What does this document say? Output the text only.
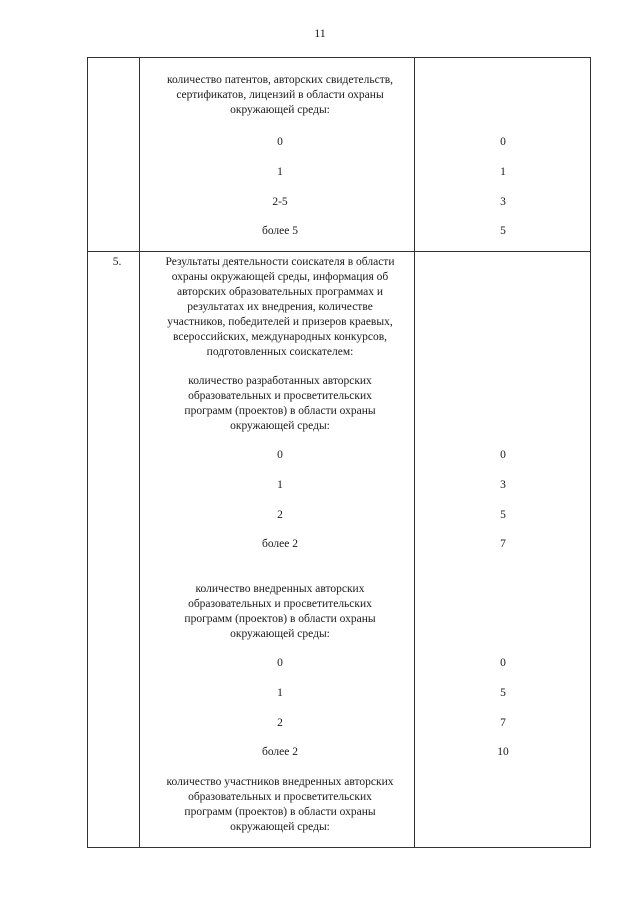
11
количество патентов, авторских свидетельств,
сертификатов, лицензий в области охраны
окружающей среды:
0	0
1	1
2-5	3
более 5	5
5.	Результаты деятельности соискателя в области
охраны окружающей среды, информация об
авторских образовательных программах и
результатах их внедрения, количестве
участников, победителей и призеров краевых,
всероссийских, международных конкурсов,
подготовленных соискателем:
количество разработанных авторских
образовательных и просветительских
программ (проектов) в области охраны
окружающей среды:
0	0
1	3
2	5
более 2	7
количество внедренных авторских
образовательных и просветительских
программ (проектов) в области охраны
окружающей среды:
0	0
1	5
2	7
более 2	10
количество участников внедренных авторских
образовательных и просветительских
программ (проектов) в области охраны
окружающей среды:
